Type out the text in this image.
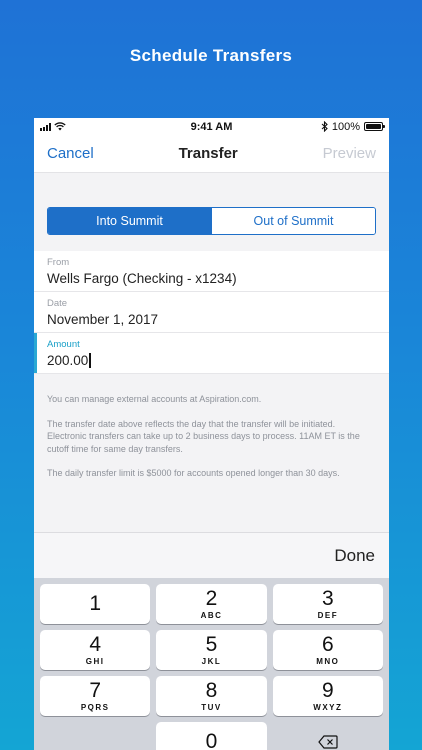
Schedule Transfers
9:41 AM	100%
Cancel	Transfer	Preview
Into Summit	Out of Summit
From
Wells Fargo (Checking - x1234)
Date
November 1, 2017
Amount
200.00

You can manage external accounts at Aspiration.com.

The transfer date above reflects the day that the transfer will be initiated. Electronic transfers can take up to 2 business days to process. 11AM ET is the cutoff time for same day transfers.

The daily transfer limit is $5000 for accounts opened longer than 30 days.

Done
1	2
ABC
3
DEF
4
GHI
5
JKL
6
MNO
7
PQRS
8
TUV
9
WXYZ
0
